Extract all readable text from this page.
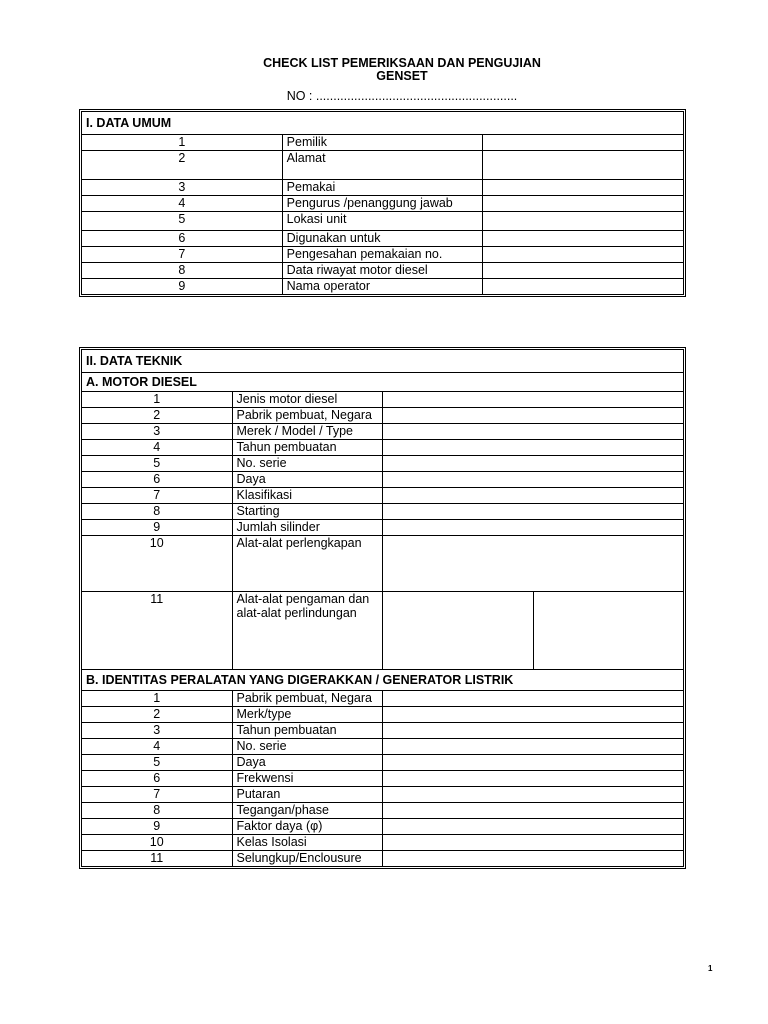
CHECK LIST PEMERIKSAAN DAN PENGUJIAN
GENSET
NO : ..........................................................
I. DATA UMUM		
1	Pemilik	
2	Alamat	
3	Pemakai	
4	Pengurus /penanggung jawab	
5	Lokasi unit	
6	Digunakan untuk	
7	Pengesahan pemakaian no.	
8	Data riwayat motor diesel	
9	Nama operator	
II. DATA TEKNIK			
A. MOTOR DIESEL			
1	Jenis motor diesel		
2	Pabrik pembuat, Negara		
3	Merek / Model / Type		
4	Tahun pembuatan		
5	No. serie		
6	Daya		
7	Klasifikasi		
8	Starting		
9	Jumlah silinder		
10	Alat-alat perlengkapan		
11	Alat-alat pengaman dan alat-alat perlindungan		
B. IDENTITAS PERALATAN YANG DIGERAKKAN / GENERATOR LISTRIK			
1	Pabrik pembuat, Negara		
2	Merk/type		
3	Tahun pembuatan		
4	No. serie		
5	Daya		
6	Frekwensi		
7	Putaran		
8	Tegangan/phase		
9	Faktor daya (φ)		
10	Kelas Isolasi		
11	Selungkup/Enclousure		
1
